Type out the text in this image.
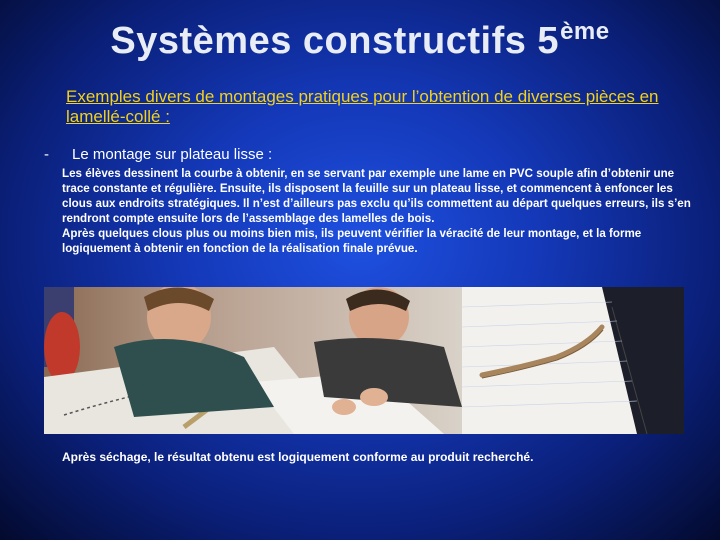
Systèmes constructifs 5ème
Exemples divers de montages pratiques pour l’obtention de diverses pièces en lamellé-collé :
- Le montage sur plateau lisse :

Les élèves dessinent la courbe à obtenir, en se servant par exemple une lame en PVC souple afin d’obtenir une trace constante et régulière. Ensuite, ils disposent la feuille sur un plateau lisse, et commencent à enfoncer les clous aux endroits stratégiques. Il n’est d’ailleurs pas exclu qu’ils commettent au départ quelques erreurs, ils s’en rendront compte ensuite lors de l’assemblage des lamelles de bois.

Après quelques clous plus ou moins bien mis, ils peuvent vérifier la véracité de leur montage, et la forme logiquement à obtenir en fonction de la réalisation finale prévue.

Après séchage, le résultat obtenu est logiquement conforme au produit recherché.
